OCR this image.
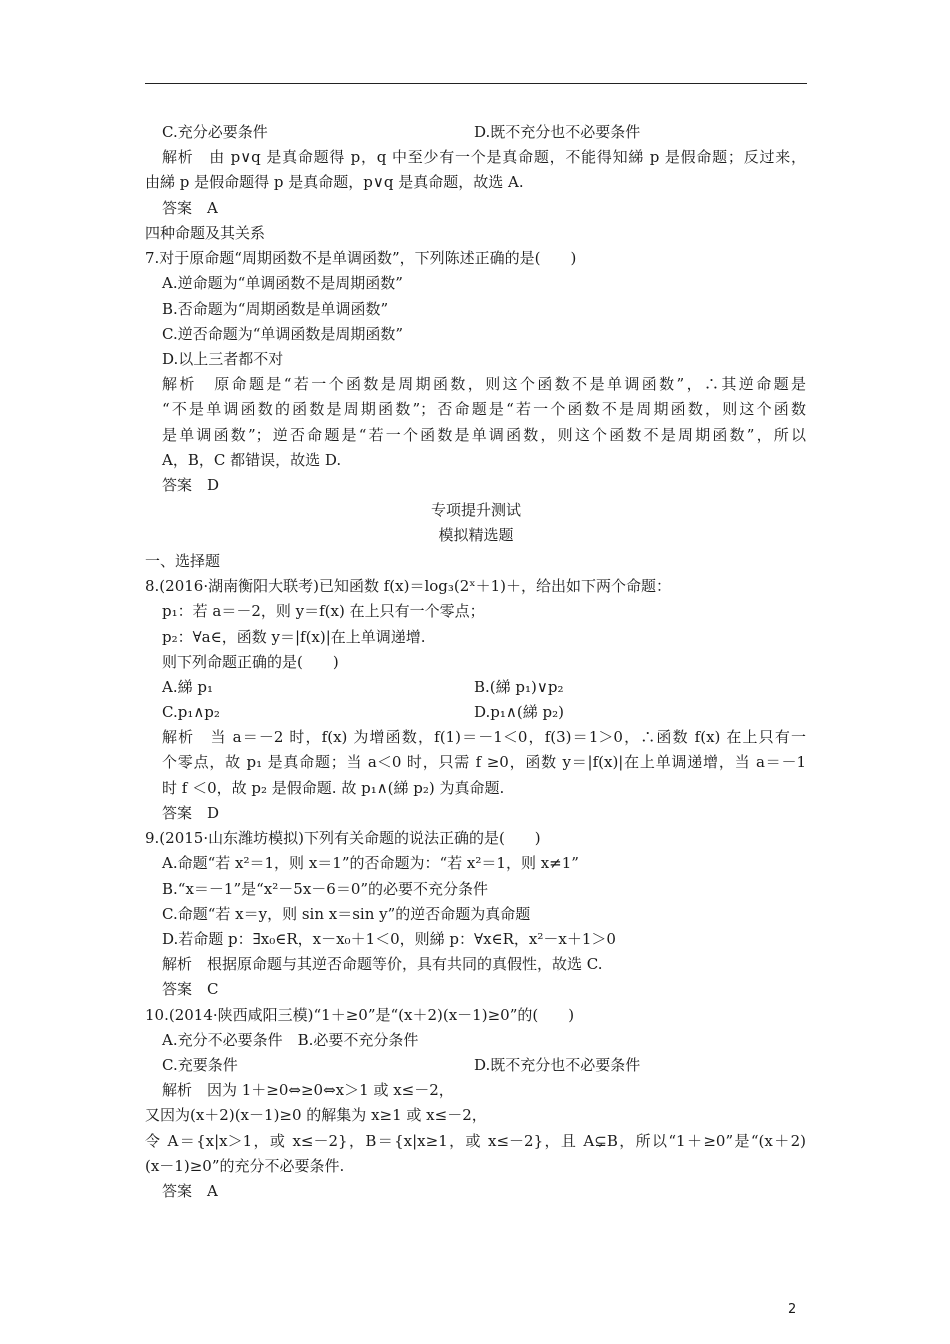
C.充分必要条件	D.既不充分也不必要条件
解析　由 p∨q 是真命题得 p，q 中至少有一个是真命题，不能得知綈 p 是假命题；反过来，
由綈 p 是假命题得 p 是真命题，p∨q 是真命题，故选 A.
答案　A
四种命题及其关系
7.对于原命题“周期函数不是单调函数”，下列陈述正确的是(　　)
A.逆命题为“单调函数不是周期函数”
B.否命题为“周期函数是单调函数”
C.逆否命题为“单调函数是周期函数”
D.以上三者都不对
解析　原命题是“若一个函数是周期函数，则这个函数不是单调函数”，∴其逆命题是
“不是单调函数的函数是周期函数”；否命题是“若一个函数不是周期函数，则这个函数
是单调函数”；逆否命题是“若一个函数是单调函数，则这个函数不是周期函数”，所以
A，B，C 都错误，故选 D.
答案　D
专项提升测试
模拟精选题
一、选择题
8.(2016·湖南衡阳大联考)已知函数 f(x)＝log₃(2ˣ＋1)＋，给出如下两个命题：
p₁：若 a＝－2，则 y＝f(x) 在上只有一个零点；
p₂：∀a∈，函数 y＝|f(x)|在上单调递增.
则下列命题正确的是(　　)
A.綈 p₁	B.(綈 p₁)∨p₂
C.p₁∧p₂	D.p₁∧(綈 p₂)
解析　当 a＝－2 时，f(x) 为增函数，f(1)＝－1＜0，f(3)＝1＞0，∴函数 f(x) 在上只有一
个零点，故 p₁ 是真命题；当 a＜0 时，只需 f ≥0，函数 y＝|f(x)|在上单调递增，当 a＝－1
时 f ＜0，故 p₂ 是假命题. 故 p₁∧(綈 p₂) 为真命题.
答案　D
9.(2015·山东潍坊模拟)下列有关命题的说法正确的是(　　)
A.命题“若 x²＝1，则 x＝1”的否命题为：“若 x²＝1，则 x≠1”
B.“x＝－1”是“x²－5x－6＝0”的必要不充分条件
C.命题“若 x＝y，则 sin x＝sin y”的逆否命题为真命题
D.若命题 p：∃x₀∈R，x－x₀＋1＜0，则綈 p：∀x∈R，x²－x＋1＞0
解析　根据原命题与其逆否命题等价，具有共同的真假性，故选 C.
答案　C
10.(2014·陕西咸阳三模)“1＋≥0”是“(x＋2)(x－1)≥0”的(　　)
A.充分不必要条件　B.必要不充分条件
C.充要条件	D.既不充分也不必要条件
解析　因为 1＋≥0⇔≥0⇔x＞1 或 x≤－2，
又因为(x＋2)(x－1)≥0 的解集为 x≥1 或 x≤－2，
令 A＝{x|x＞1，或 x≤－2}，B＝{x|x≥1，或 x≤－2}，且 A⊊B，所以“1＋≥0”是“(x＋2)
(x－1)≥0”的充分不必要条件.
答案　A
2
